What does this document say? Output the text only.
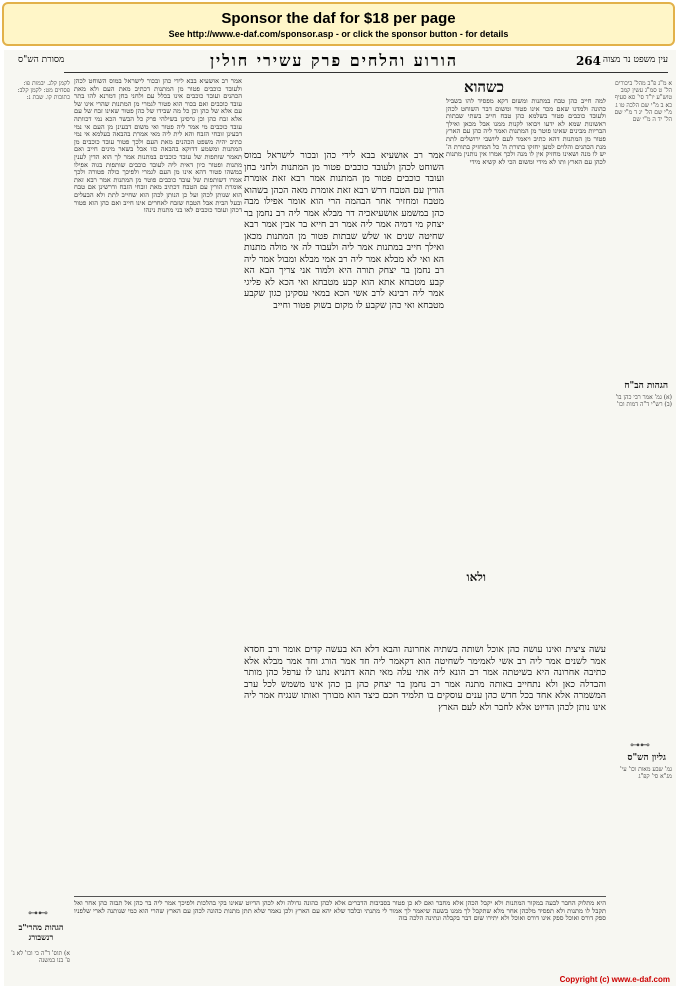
Sponsor the daf for $18 per page
See http://www.e-daf.com/sponsor.asp - or click the sponsor button - for details
264
הורוע והלחים פרק עשירי חולין	עין משפט נר מצוה
מסורת הש"ס

א מ"ג פ"ב מהל' ביכורים הל' ט סמ"ג עשין קמב טוש"ע יו"ד סי' סא סעיף כא ב מ"י שם הלכה טו ג מ"י שם הל' יג ד מ"י שם הל' יד ה מ"י שם

הגהות הב"ח

(א) גמ' אמר רבי כהן בו' (ב) רש"י ד"ה דמות וכו'

⊶⊷
גליון הש"ס

גמ' שבע מאות וכו' עי' מג"א סי' קפ"ג

כשהוא

למה חייב כהן טבח במתנות ומשום דקא מפסיד להו בשביל כהונה ולמדנו שאם מכר אינו פטור ומשום דבר השוחט לכהן ולעובד כוכבים פטור בשלמא כהן טבח חייב בשתי שבתות ראשונות שמא לא ידעו ויבואו לקנות ממנו אבל מכאן ואילך הבריות מבינים שאינו פוטר מן המתנות ואמר ליה כהן עם הארץ פטור מן המתנות דהא כתיב ויאמר לעם ליושבי ירושלים לתת מנת הכהנים והלוים למען יחזקו בתורת ה' כל המחזיק בתורת ה' יש לו מנה ושאינו מחזיק אין לו מנה ולכך אמרו אין נותנין מתנות לכהן עם הארץ ותו לא מידי ומשום הכי לא קשיא מידי

ולאו

אמר רב אושעיא בבא לידי כהן ובכור לישראל במוס השוחט לכהן ולעובד כוכבים פטור מן המתנות ולחני בחן ועובד כוכבים פטור מן המתנות אמר רבא זאת אומרת הורין עם הטבח דרש רבא זאת אומרת מאה הכהן בשהוא מטבח ומחזיר אחר הבהמה הרי הוא אומר אפילו מבה כהן במשמע אושעיאכיה דר מבלא אמר ליה רב נחמן בר יצחק מי דמיה אמר ליה אמר רב חייא בר אבין אמר רבא שחיטה שנים או שלש שבתות פטור מן המתנות מכאן ואילך חייב במתנות אמר ליה ולעבוד לה אי מולה מתנות הא ואי לא מבלא אמר ליה רב אמי מבלא ומבול אמר ליה רב נחמן בר יצחק תורה היא ולמוד אני צריך הבא הא קבע מטבחא אתא הוא קבע מטבחא ואי הכא לא פליגי אמר ליה רבינא לרב אשי הכא במאי עסקינן כגון שקבע מטבחא ואי כהן שקבע לו מקום בשוק פטור וחייב

עשה ציצית ואינו עושה כהן אוכל ושותה בשתיה אחרונה והבא דלא הא בעשה קדים אומר ורב חסדא אמר לשנים אמר ליה רב אשי לאמימר לשחיטה הוא דקאמר ליה חד אמר הורג וחד אמר מבלא אלא כתיבה אחרונה היא בשיטתה אמר רב הונא ליה אתי עלה מאי תהא דתניא נתנו לו ערפל כהן מותר והבדלה כאן ולא נתחייב באותה מתנה אמר רב נחמן בר יצחק כהן בן כהן אינו משמש לכל ערב המשמרה אלא אחד בכל חדש כהן ענים עוסקים בו תלמיד חכם כיצד הוא מבורך ואותו שנגיח אמר ליה אינו נותן לכהן הדיוט אלא לחבר ולא לעם הארץ

אמר רב אושעיא בבא לידי כהן ובכור לישראל במוס השוחט לכהן ולעובד כוכבים פטור מן המתנות דכתיב מאת העם ולא מאת הכהנים ועובד כוכבים אינו בכלל עם ולחני בחן דמרנא להו בתר עובד כוכבים ואם בכור הוא פטור לגמרי מן המתנות שהרי אינו של עם אלא של כהן וכן כל מה שבידו של כהן פטור שאינו זבח של עם אלא זבח כהן וכן גרסינן בשילהי פרק כל הבשר הכא נמי דכוותה עובד כוכבים מי אמר ליה פטור ואי משום דבעינן מן העם אי נמי דבעינן זובחי הזבח והא לית ליה מאי אמרת בהבאה בעלמא אי נמי כתיב יהיה משפט הכהנים מאת העם ולכך פטור עובד כוכבים מן המתנות ומשמע דדוקא בהבאה כזו אבל בשאר מינים חייב ואם תאמר שותפות של עובד כוכבים במתנות אמר לך הוא הדין לענין מתנות ופטור כיון דאית ליה לעובד כוכבים שותפות בגוה אפילו במשהו פטור דהא אינו מן העם לגמרי ולפיכך כולה פטורה ולכך אמרו דשותפות של עובד כוכבים פוטר מן המתנות אמר רבא זאת אומרת הורין עם הטבח דכתיב מאת זובחי הזבח ודרשינן אם טבח הוא שנותן לכהן ועל כן הנותן לכהן הוא שחייב לתת ולא הבעלים ובעל הבית אבל הטבח שזבח לאחרים אינו חייב ואם כהן הוא פטור דכהן ועובד כוכבים לאו בני מתנות נינהו

לקמן קלג. יבמות פו: פסחים מט: לקמן קלב: כתובות קו. שבת נ:

⊶⊷
הגהות מהרי"ב רנשבורג

א) תוס' ד"ה כי וכו' לא ג' פ' בנו במשנה

היא מתלוק החבר לבעה במקור המתנות ולא יקבל הכהן אלא מחבר ואם לא כן פטור בסביבות הדברים אלא לכהן כהונה גדולה ולא לכהן הדיוט שאינו בקי בהלכות ולפיכך אמר ליה בר כהן אל תבזה כהן אחר ואל תקבל לו מתנות ולא תפסיד מלכהן אחר מלא שתקבל לך ממנו בשעה שיאמר לך אמור לי מתנתי ובלבד שלא יהא עם הארץ ולכן נאמר שלא תתן מתנות כהונה לכהן עם הארץ שהרי הוא כמי שנותנה לארי שלפניו ספק דורס ואוכל ספק אינו דורס ואוכל ולא יתירו שום דבר בקבלה ונתינה הלכה בזה

Copyright (c) www.e-daf.com
